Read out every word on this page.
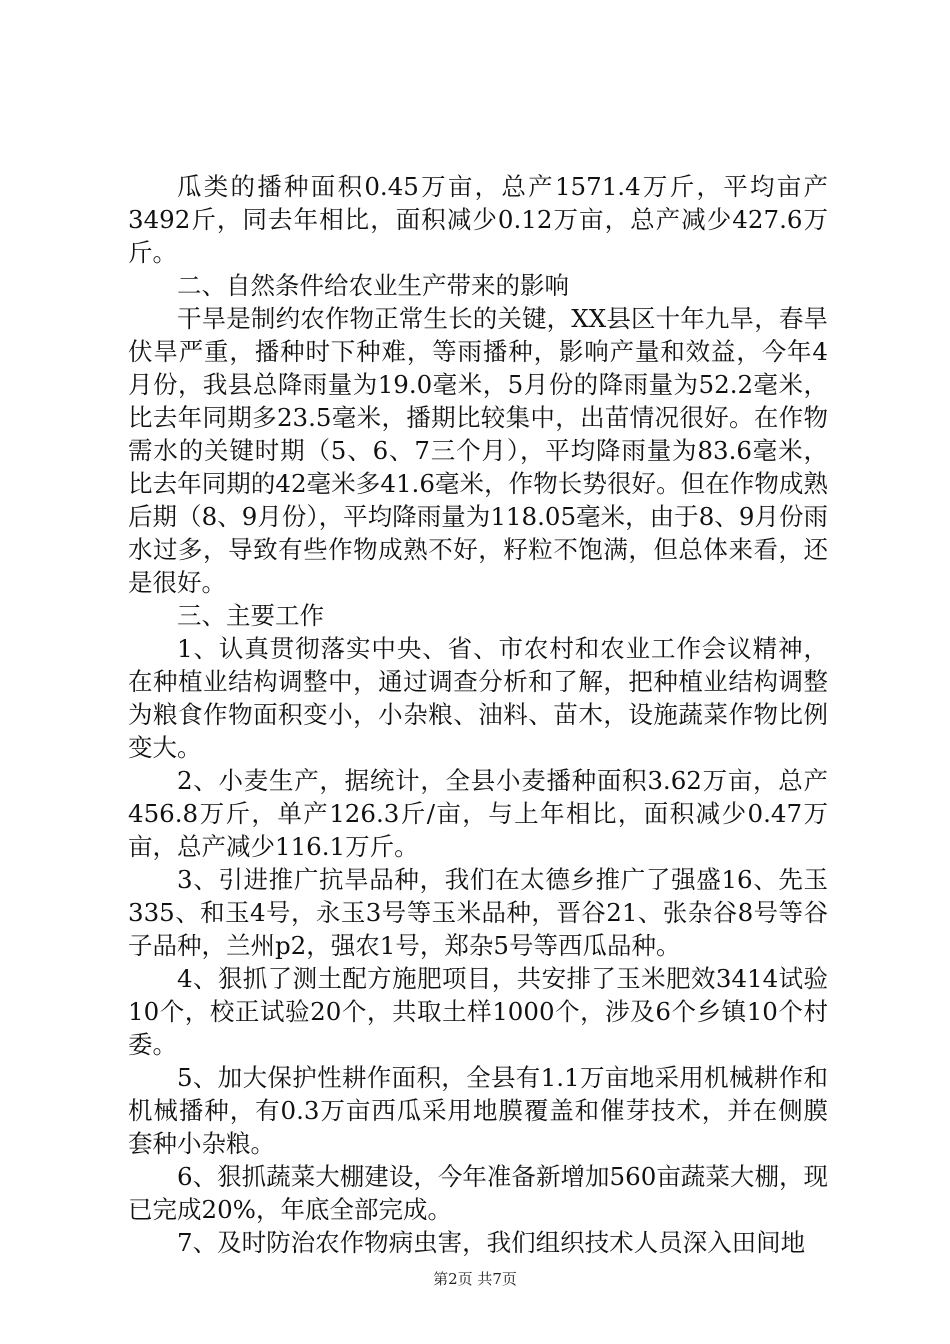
瓜类的播种面积0.45万亩，总产1571.4万斤，平均亩产3492斤，同去年相比，面积减少0.12万亩，总产减少427.6万斤。

二、自然条件给农业生产带来的影响

干旱是制约农作物正常生长的关键，XX县区十年九旱，春旱伏旱严重，播种时下种难，等雨播种，影响产量和效益，今年4月份，我县总降雨量为19.0毫米，5月份的降雨量为52.2毫米，比去年同期多23.5毫米，播期比较集中，出苗情况很好。在作物需水的关键时期（5、6、7三个月），平均降雨量为83.6毫米，比去年同期的42毫米多41.6毫米，作物长势很好。但在作物成熟后期（8、9月份），平均降雨量为118.05毫米，由于8、9月份雨水过多，导致有些作物成熟不好，籽粒不饱满，但总体来看，还是很好。

三、主要工作

1、认真贯彻落实中央、省、市农村和农业工作会议精神，在种植业结构调整中，通过调查分析和了解，把种植业结构调整为粮食作物面积变小，小杂粮、油料、苗木，设施蔬菜作物比例变大。

2、小麦生产，据统计，全县小麦播种面积3.62万亩，总产456.8万斤，单产126.3斤/亩，与上年相比，面积减少0.47万亩，总产减少116.1万斤。

3、引进推广抗旱品种，我们在太德乡推广了强盛16、先玉335、和玉4号，永玉3号等玉米品种，晋谷21、张杂谷8号等谷子品种，兰州p2，强农1号，郑杂5号等西瓜品种。

4、狠抓了测土配方施肥项目，共安排了玉米肥效3414试验10个，校正试验20个，共取土样1000个，涉及6个乡镇10个村委。

5、加大保护性耕作面积，全县有1.1万亩地采用机械耕作和机械播种，有0.3万亩西瓜采用地膜覆盖和催芽技术，并在侧膜套种小杂粮。

6、狠抓蔬菜大棚建设，今年准备新增加560亩蔬菜大棚，现已完成20%，年底全部完成。

7、及时防治农作物病虫害，我们组织技术人员深入田间地

第2页 共7页
